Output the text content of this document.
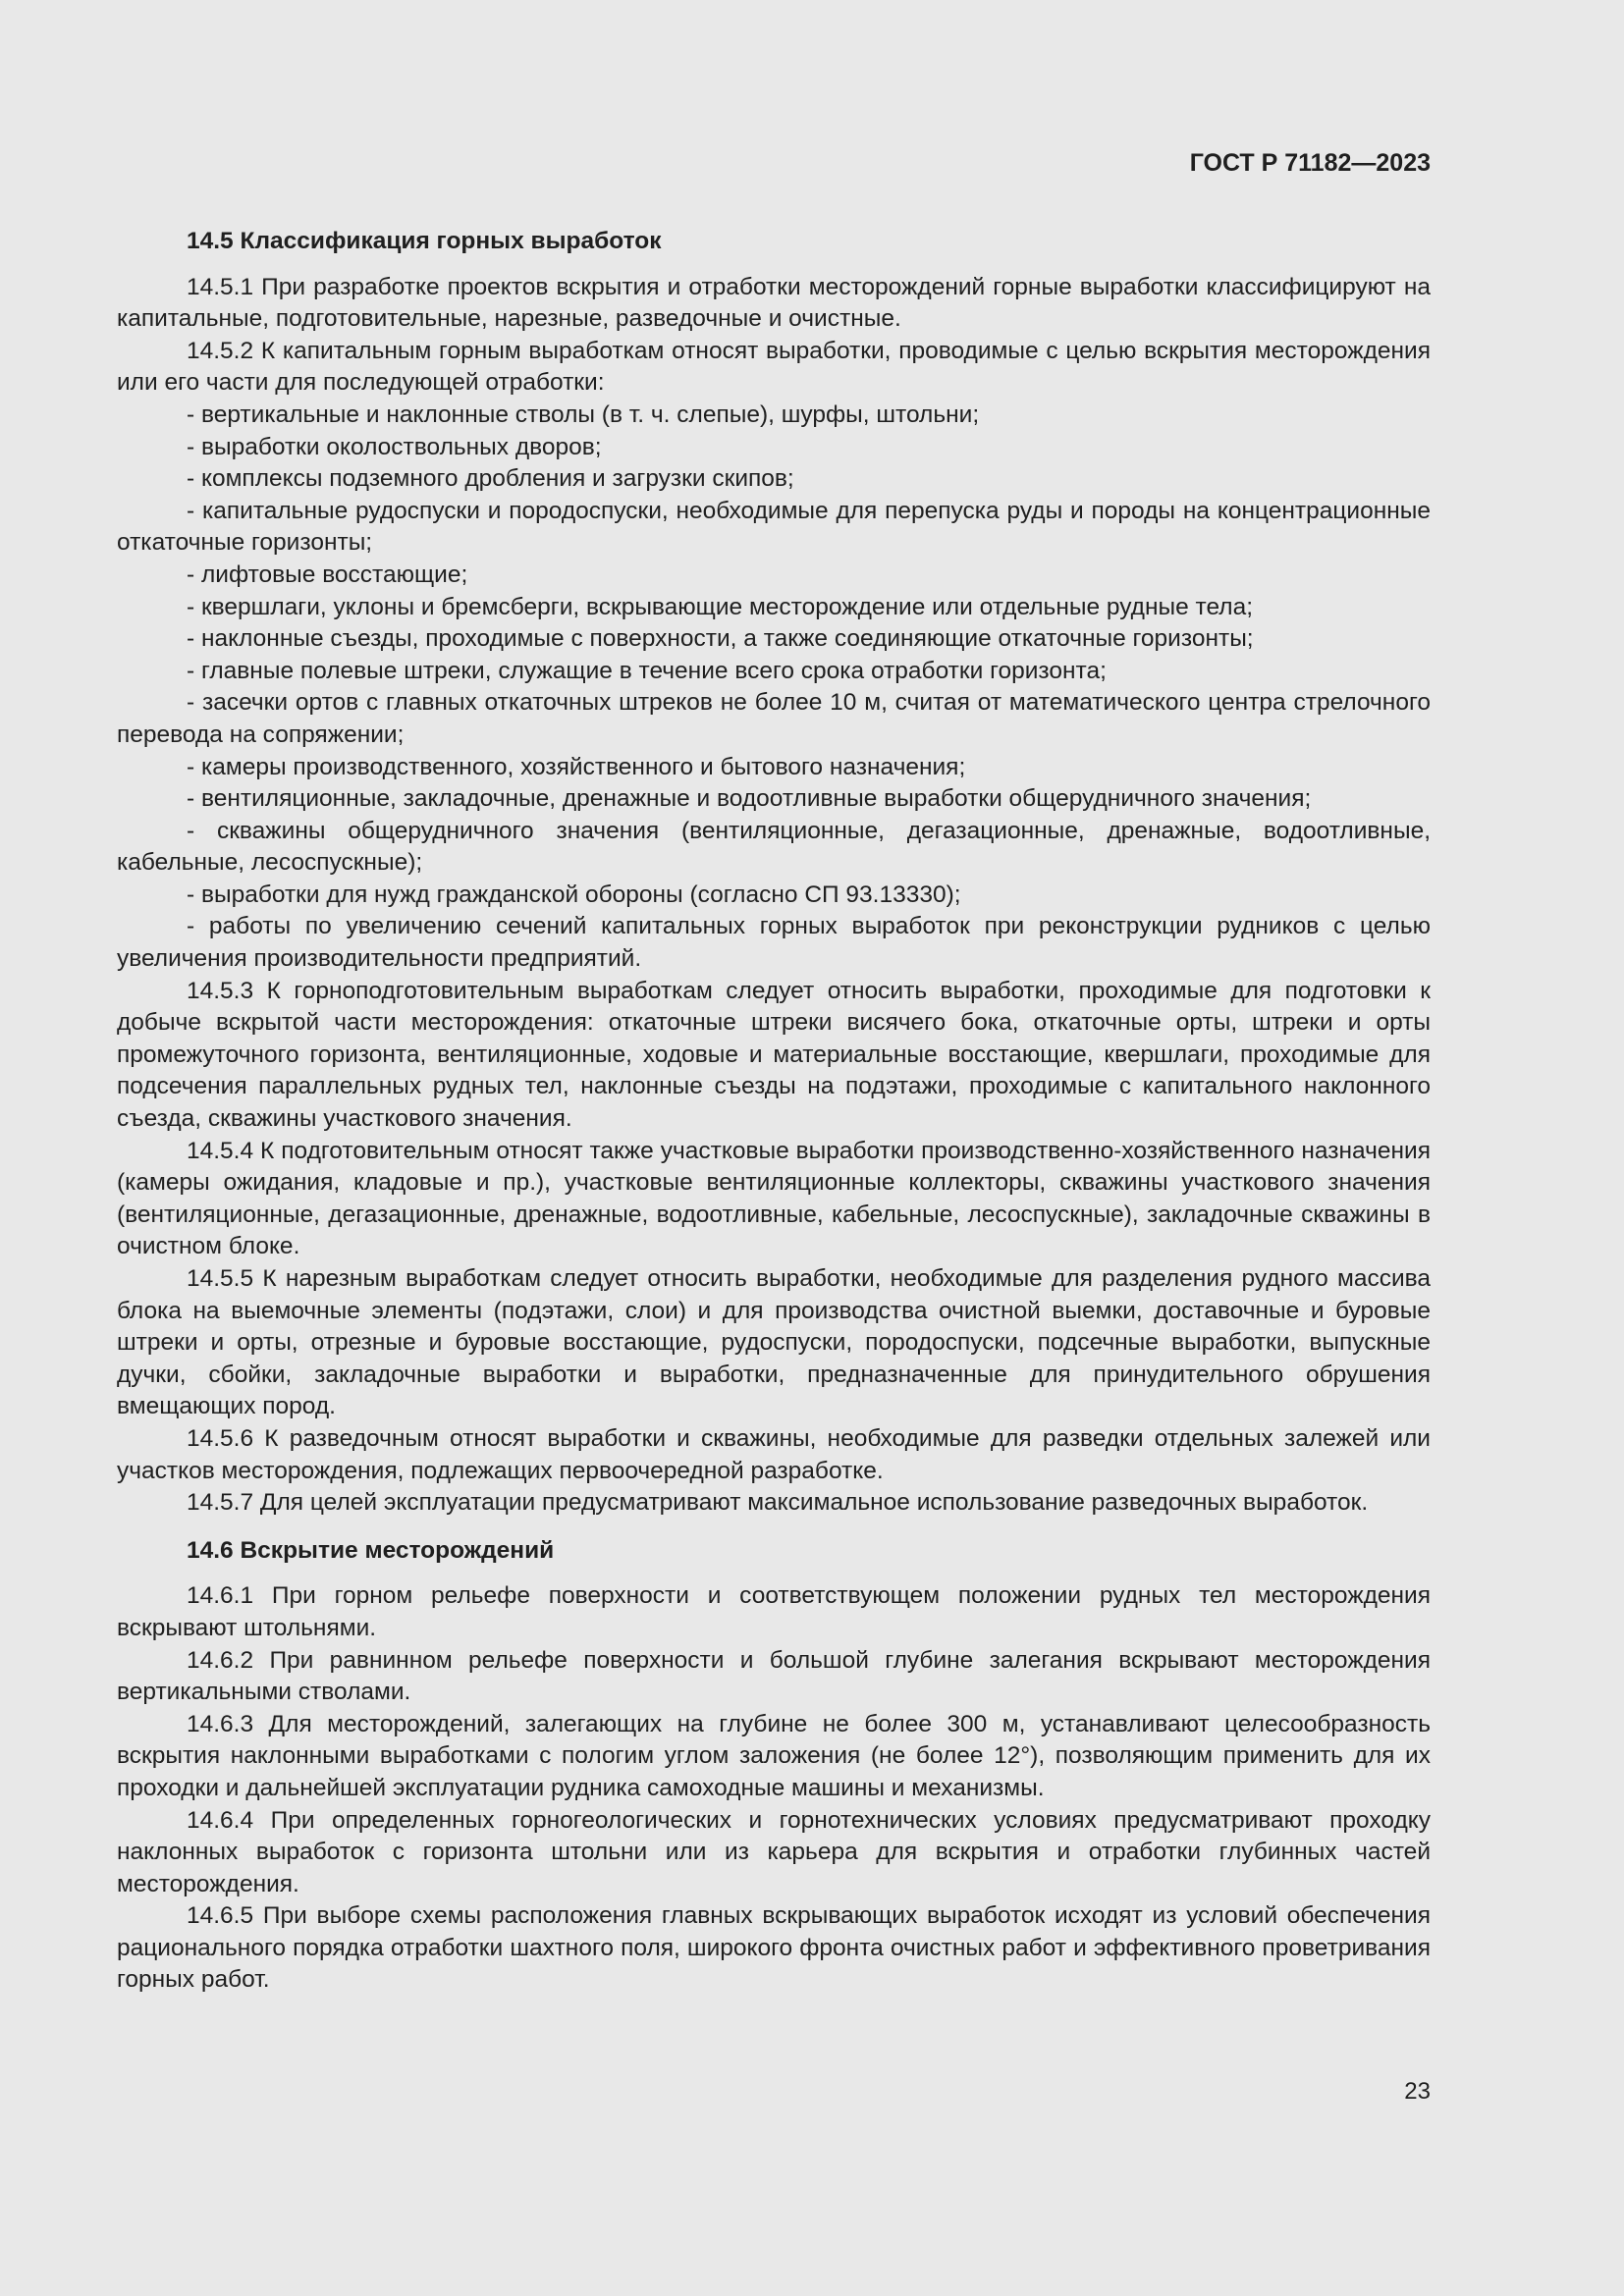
ГОСТ Р 71182—2023
14.5 Классификация горных выработок

14.5.1 При разработке проектов вскрытия и отработки месторождений горные выработки классифицируют на капитальные, подготовительные, нарезные, разведочные и очистные.

14.5.2 К капитальным горным выработкам относят выработки, проводимые с целью вскрытия месторождения или его части для последующей отработки:

- вертикальные и наклонные стволы (в т. ч. слепые), шурфы, штольни;

- выработки околоствольных дворов;

- комплексы подземного дробления и загрузки скипов;

- капитальные рудоспуски и породоспуски, необходимые для перепуска руды и породы на концентрационные откаточные горизонты;

- лифтовые восстающие;

- квершлаги, уклоны и бремсберги, вскрывающие месторождение или отдельные рудные тела;

- наклонные съезды, проходимые с поверхности, а также соединяющие откаточные горизонты;

- главные полевые штреки, служащие в течение всего срока отработки горизонта;

- засечки ортов с главных откаточных штреков не более 10 м, считая от математического центра стрелочного перевода на сопряжении;

- камеры производственного, хозяйственного и бытового назначения;

- вентиляционные, закладочные, дренажные и водоотливные выработки общерудничного значения;

- скважины общерудничного значения (вентиляционные, дегазационные, дренажные, водоотливные, кабельные, лесоспускные);

- выработки для нужд гражданской обороны (согласно СП 93.13330);

- работы по увеличению сечений капитальных горных выработок при реконструкции рудников с целью увеличения производительности предприятий.

14.5.3 К горноподготовительным выработкам следует относить выработки, проходимые для подготовки к добыче вскрытой части месторождения: откаточные штреки висячего бока, откаточные орты, штреки и орты промежуточного горизонта, вентиляционные, ходовые и материальные восстающие, квершлаги, проходимые для подсечения параллельных рудных тел, наклонные съезды на подэтажи, проходимые с капитального наклонного съезда, скважины участкового значения.

14.5.4 К подготовительным относят также участковые выработки производственно-хозяйственного назначения (камеры ожидания, кладовые и пр.), участковые вентиляционные коллекторы, скважины участкового значения (вентиляционные, дегазационные, дренажные, водоотливные, кабельные, лесоспускные), закладочные скважины в очистном блоке.

14.5.5 К нарезным выработкам следует относить выработки, необходимые для разделения рудного массива блока на выемочные элементы (подэтажи, слои) и для производства очистной выемки, доставочные и буровые штреки и орты, отрезные и буровые восстающие, рудоспуски, породоспуски, подсечные выработки, выпускные дучки, сбойки, закладочные выработки и выработки, предназначенные для принудительного обрушения вмещающих пород.

14.5.6 К разведочным относят выработки и скважины, необходимые для разведки отдельных залежей или участков месторождения, подлежащих первоочередной разработке.

14.5.7 Для целей эксплуатации предусматривают максимальное использование разведочных выработок.

14.6 Вскрытие месторождений

14.6.1 При горном рельефе поверхности и соответствующем положении рудных тел месторождения вскрывают штольнями.

14.6.2 При равнинном рельефе поверхности и большой глубине залегания вскрывают месторождения вертикальными стволами.

14.6.3 Для месторождений, залегающих на глубине не более 300 м, устанавливают целесообразность вскрытия наклонными выработками с пологим углом заложения (не более 12°), позволяющим применить для их проходки и дальнейшей эксплуатации рудника самоходные машины и механизмы.

14.6.4 При определенных горногеологических и горнотехнических условиях предусматривают проходку наклонных выработок с горизонта штольни или из карьера для вскрытия и отработки глубинных частей месторождения.

14.6.5 При выборе схемы расположения главных вскрывающих выработок исходят из условий обеспечения рационального порядка отработки шахтного поля, широкого фронта очистных работ и эффективного проветривания горных работ.

23
